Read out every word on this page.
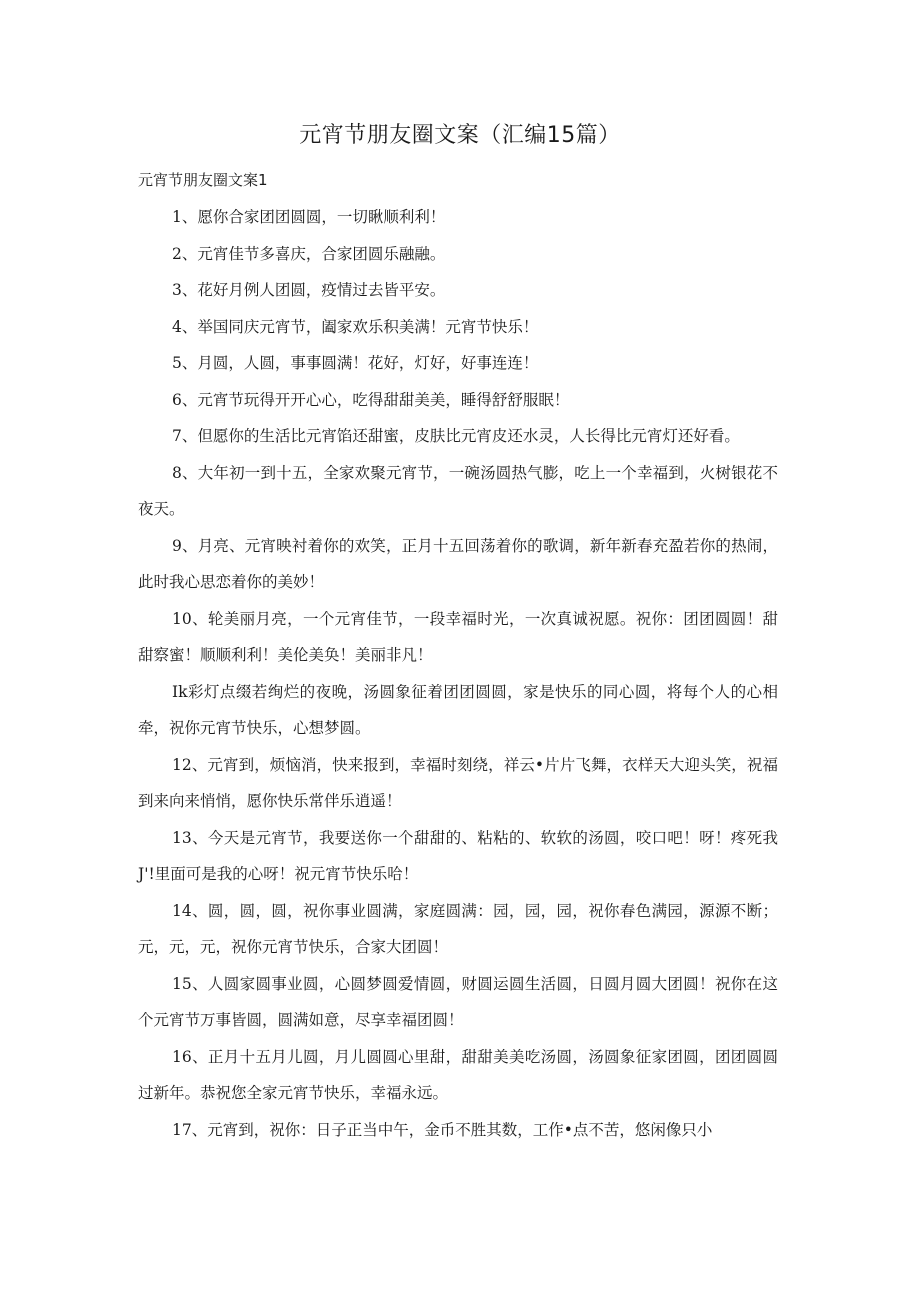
元宵节朋友圈文案（汇编15篇）

元宵节朋友圈文案1

1、愿你合家团团圆圆，一切瞅顺利利！

2、元宵佳节多喜庆，合家团圆乐融融。

3、花好月例人团圆，疫情过去皆平安。

4、举国同庆元宵节，阖家欢乐积美满！元宵节快乐！

5、月圆，人圆，事事圆满！花好，灯好，好事连连！

6、元宵节玩得开开心心，吃得甜甜美美，睡得舒舒服眠！

7、但愿你的生活比元宵馅还甜蜜，皮肤比元宵皮还水灵，人长得比元宵灯还好看。

8、大年初一到十五，全家欢聚元宵节，一碗汤圆热气膨，吃上一个幸福到，火树银花不夜天。

9、月亮、元宵映衬着你的欢笑，正月十五回荡着你的歌调，新年新春充盈若你的热闹，此时我心思恋着你的美妙！

10、轮美丽月亮，一个元宵佳节，一段幸福时光，一次真诚祝愿。祝你：团团圆圆！甜甜察蜜！顺顺利利！美伦美奂！美丽非凡！

Ik彩灯点缀若绚烂的夜晚，汤圆象征着团团圆圆，家是快乐的同心圆，将每个人的心相牵，祝你元宵节快乐，心想梦圆。

12、元宵到，烦恼消，快来报到，幸福时刻绕，祥云•片片飞舞，衣样天大迎头笑，祝福到来向来悄悄，愿你快乐常伴乐逍遥！

13、今天是元宵节，我要送你一个甜甜的、粘粘的、软软的汤圆，咬口吧！呀！疼死我J'!里面可是我的心呀！祝元宵节快乐哈！

14、圆，圆，圆，祝你事业圆满，家庭圆满：园，园，园，祝你春色满园，源源不断；元，元，元，祝你元宵节快乐，合家大团圆！

15、人圆家圆事业圆，心圆梦圆爱情圆，财圆运圆生活圆，日圆月圆大团圆！祝你在这个元宵节万事皆圆，圆满如意，尽享幸福团圆！

16、正月十五月儿圆，月儿圆圆心里甜，甜甜美美吃汤圆，汤圆象征家团圆，团团圆圆过新年。恭祝您全家元宵节快乐，幸福永远。

17、元宵到，祝你：日子正当中午，金币不胜其数，工作•点不苦，悠闲像只小
